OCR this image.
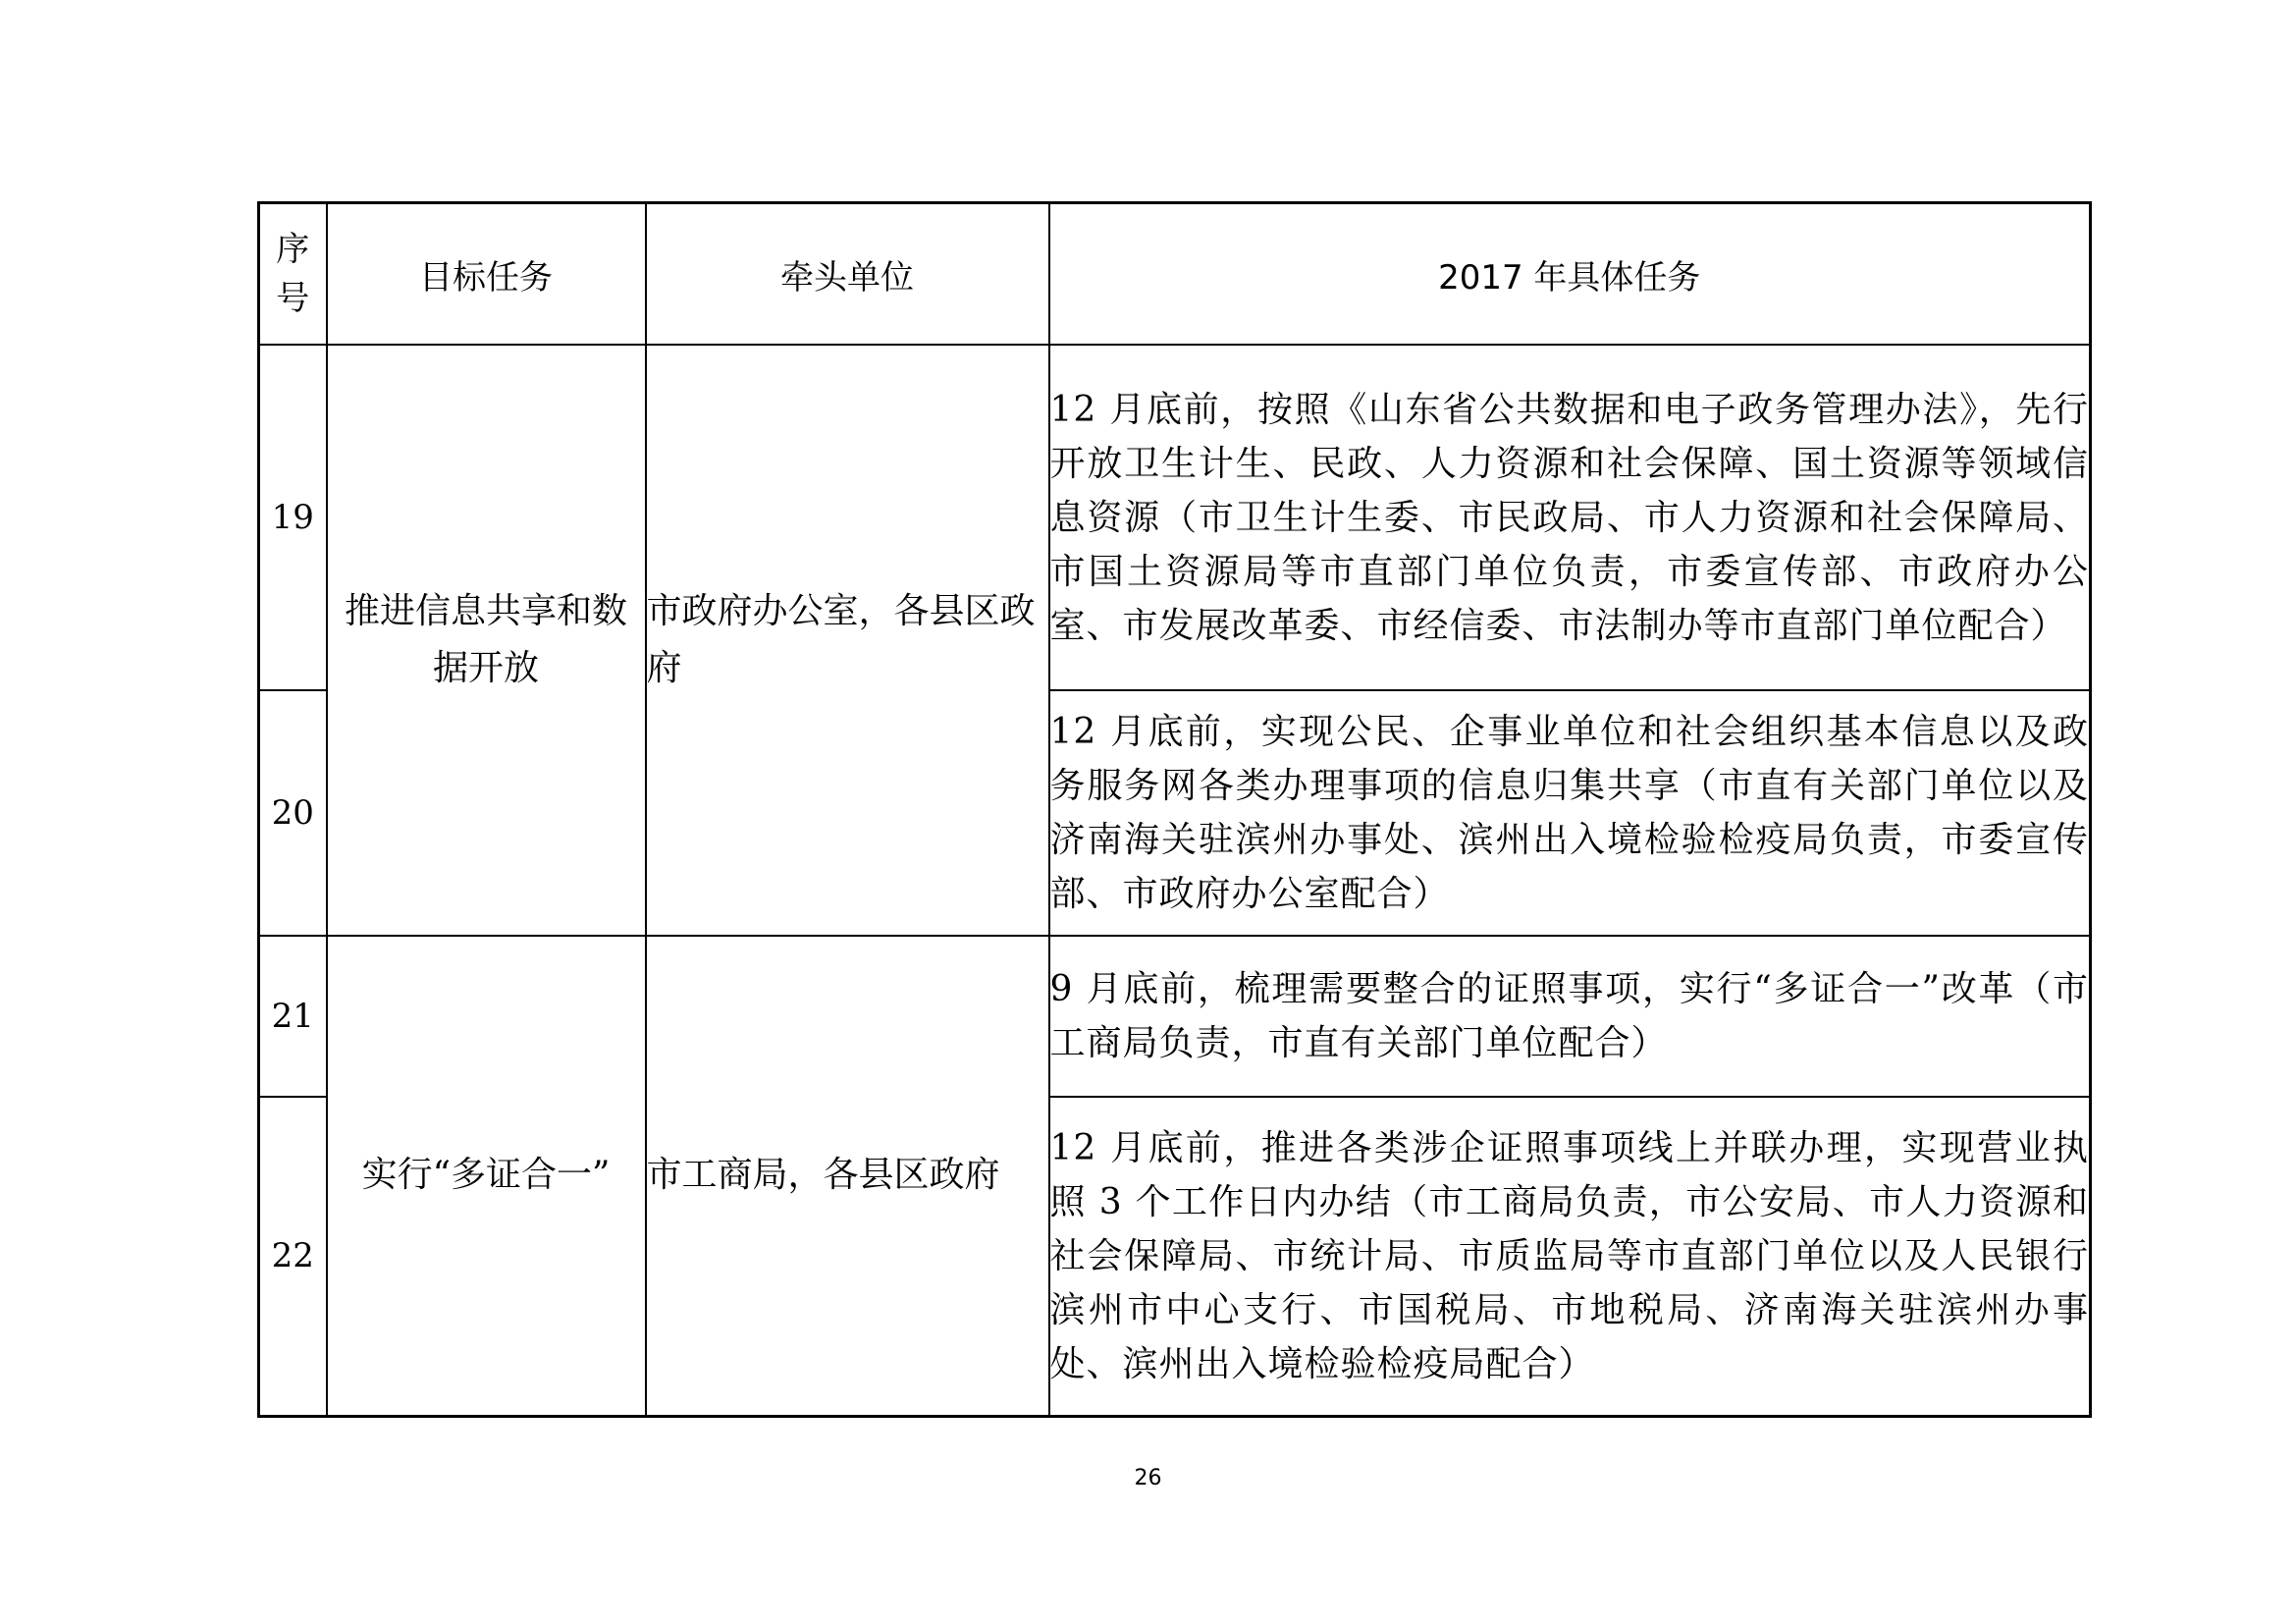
序号	目标任务	牵头单位	2017 年具体任务
19	推进信息共享和数据开放	市政府办公室，各县区政府	12 月底前，按照《山东省公共数据和电子政务管理办法》，先行开放卫生计生、民政、人力资源和社会保障、国土资源等领域信息资源（市卫生计生委、市民政局、市人力资源和社会保障局、市国土资源局等市直部门单位负责，市委宣传部、市政府办公室、市发展改革委、市经信委、市法制办等市直部门单位配合）
20			12 月底前，实现公民、企事业单位和社会组织基本信息以及政务服务网各类办理事项的信息归集共享（市直有关部门单位以及济南海关驻滨州办事处、滨州出入境检验检疫局负责，市委宣传部、市政府办公室配合）
21	实行“多证合一”	市工商局，各县区政府	9 月底前，梳理需要整合的证照事项，实行“多证合一”改革（市工商局负责，市直有关部门单位配合）
22			12 月底前，推进各类涉企证照事项线上并联办理，实现营业执照 3 个工作日内办结（市工商局负责，市公安局、市人力资源和社会保障局、市统计局、市质监局等市直部门单位以及人民银行滨州市中心支行、市国税局、市地税局、济南海关驻滨州办事处、滨州出入境检验检疫局配合）
26
